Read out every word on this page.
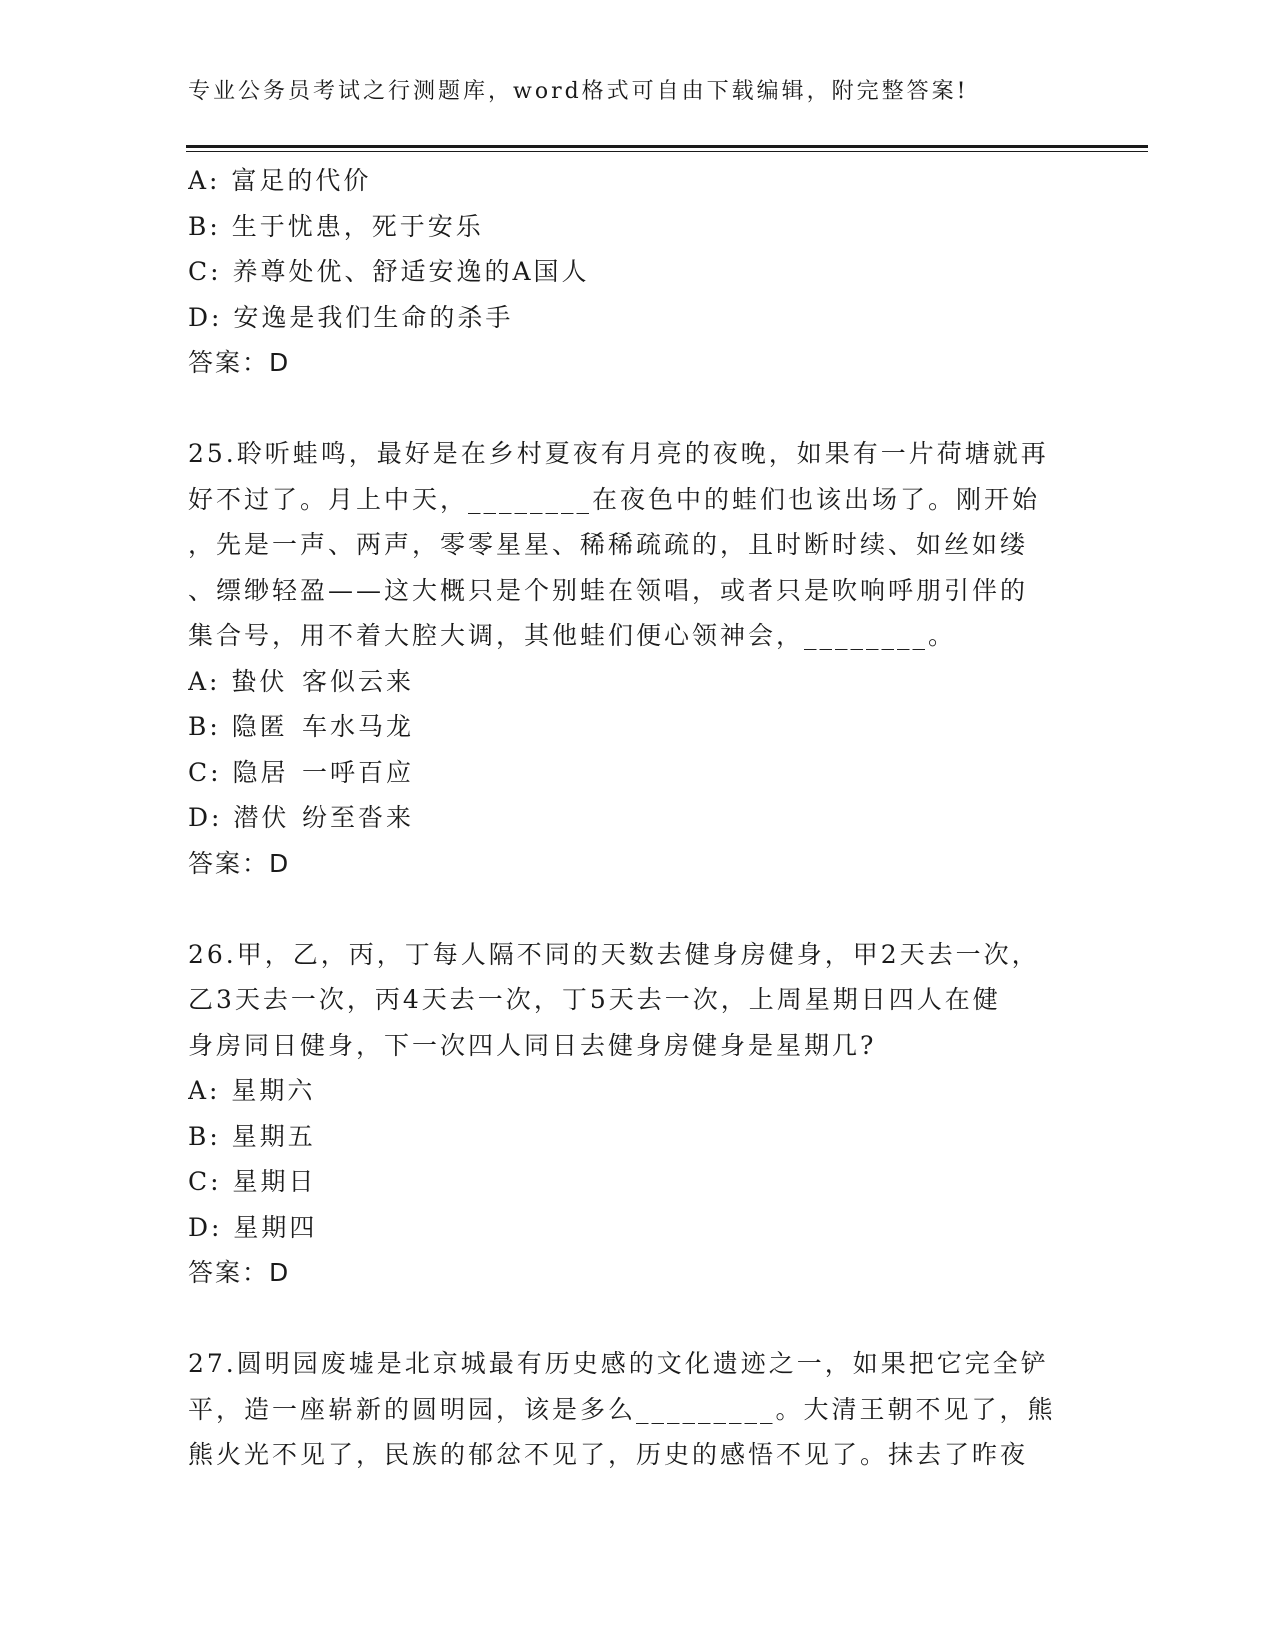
专业公务员考试之行测题库，word格式可自由下载编辑，附完整答案!
A: 富足的代价
B: 生于忧患，死于安乐
C: 养尊处优、舒适安逸的A国人
D: 安逸是我们生命的杀手
答案：D
25.聆听蛙鸣，最好是在乡村夏夜有月亮的夜晚，如果有一片荷塘就再
好不过了。月上中天，________在夜色中的蛙们也该出场了。刚开始
，先是一声、两声，零零星星、稀稀疏疏的，且时断时续、如丝如缕
、缥缈轻盈——这大概只是个别蛙在领唱，或者只是吹响呼朋引伴的
集合号，用不着大腔大调，其他蛙们便心领神会，________。
A: 蛰伏 客似云来
B: 隐匿 车水马龙
C: 隐居 一呼百应
D: 潜伏 纷至沓来
答案：D
26.甲，乙，丙，丁每人隔不同的天数去健身房健身，甲2天去一次，
乙3天去一次，丙4天去一次，丁5天去一次，上周星期日四人在健
身房同日健身，下一次四人同日去健身房健身是星期几?
A: 星期六
B: 星期五
C: 星期日
D: 星期四
答案：D
27.圆明园废墟是北京城最有历史感的文化遗迹之一，如果把它完全铲
平，造一座崭新的圆明园，该是多么_________。大清王朝不见了，熊
熊火光不见了，民族的郁忿不见了，历史的感悟不见了。抹去了昨夜
